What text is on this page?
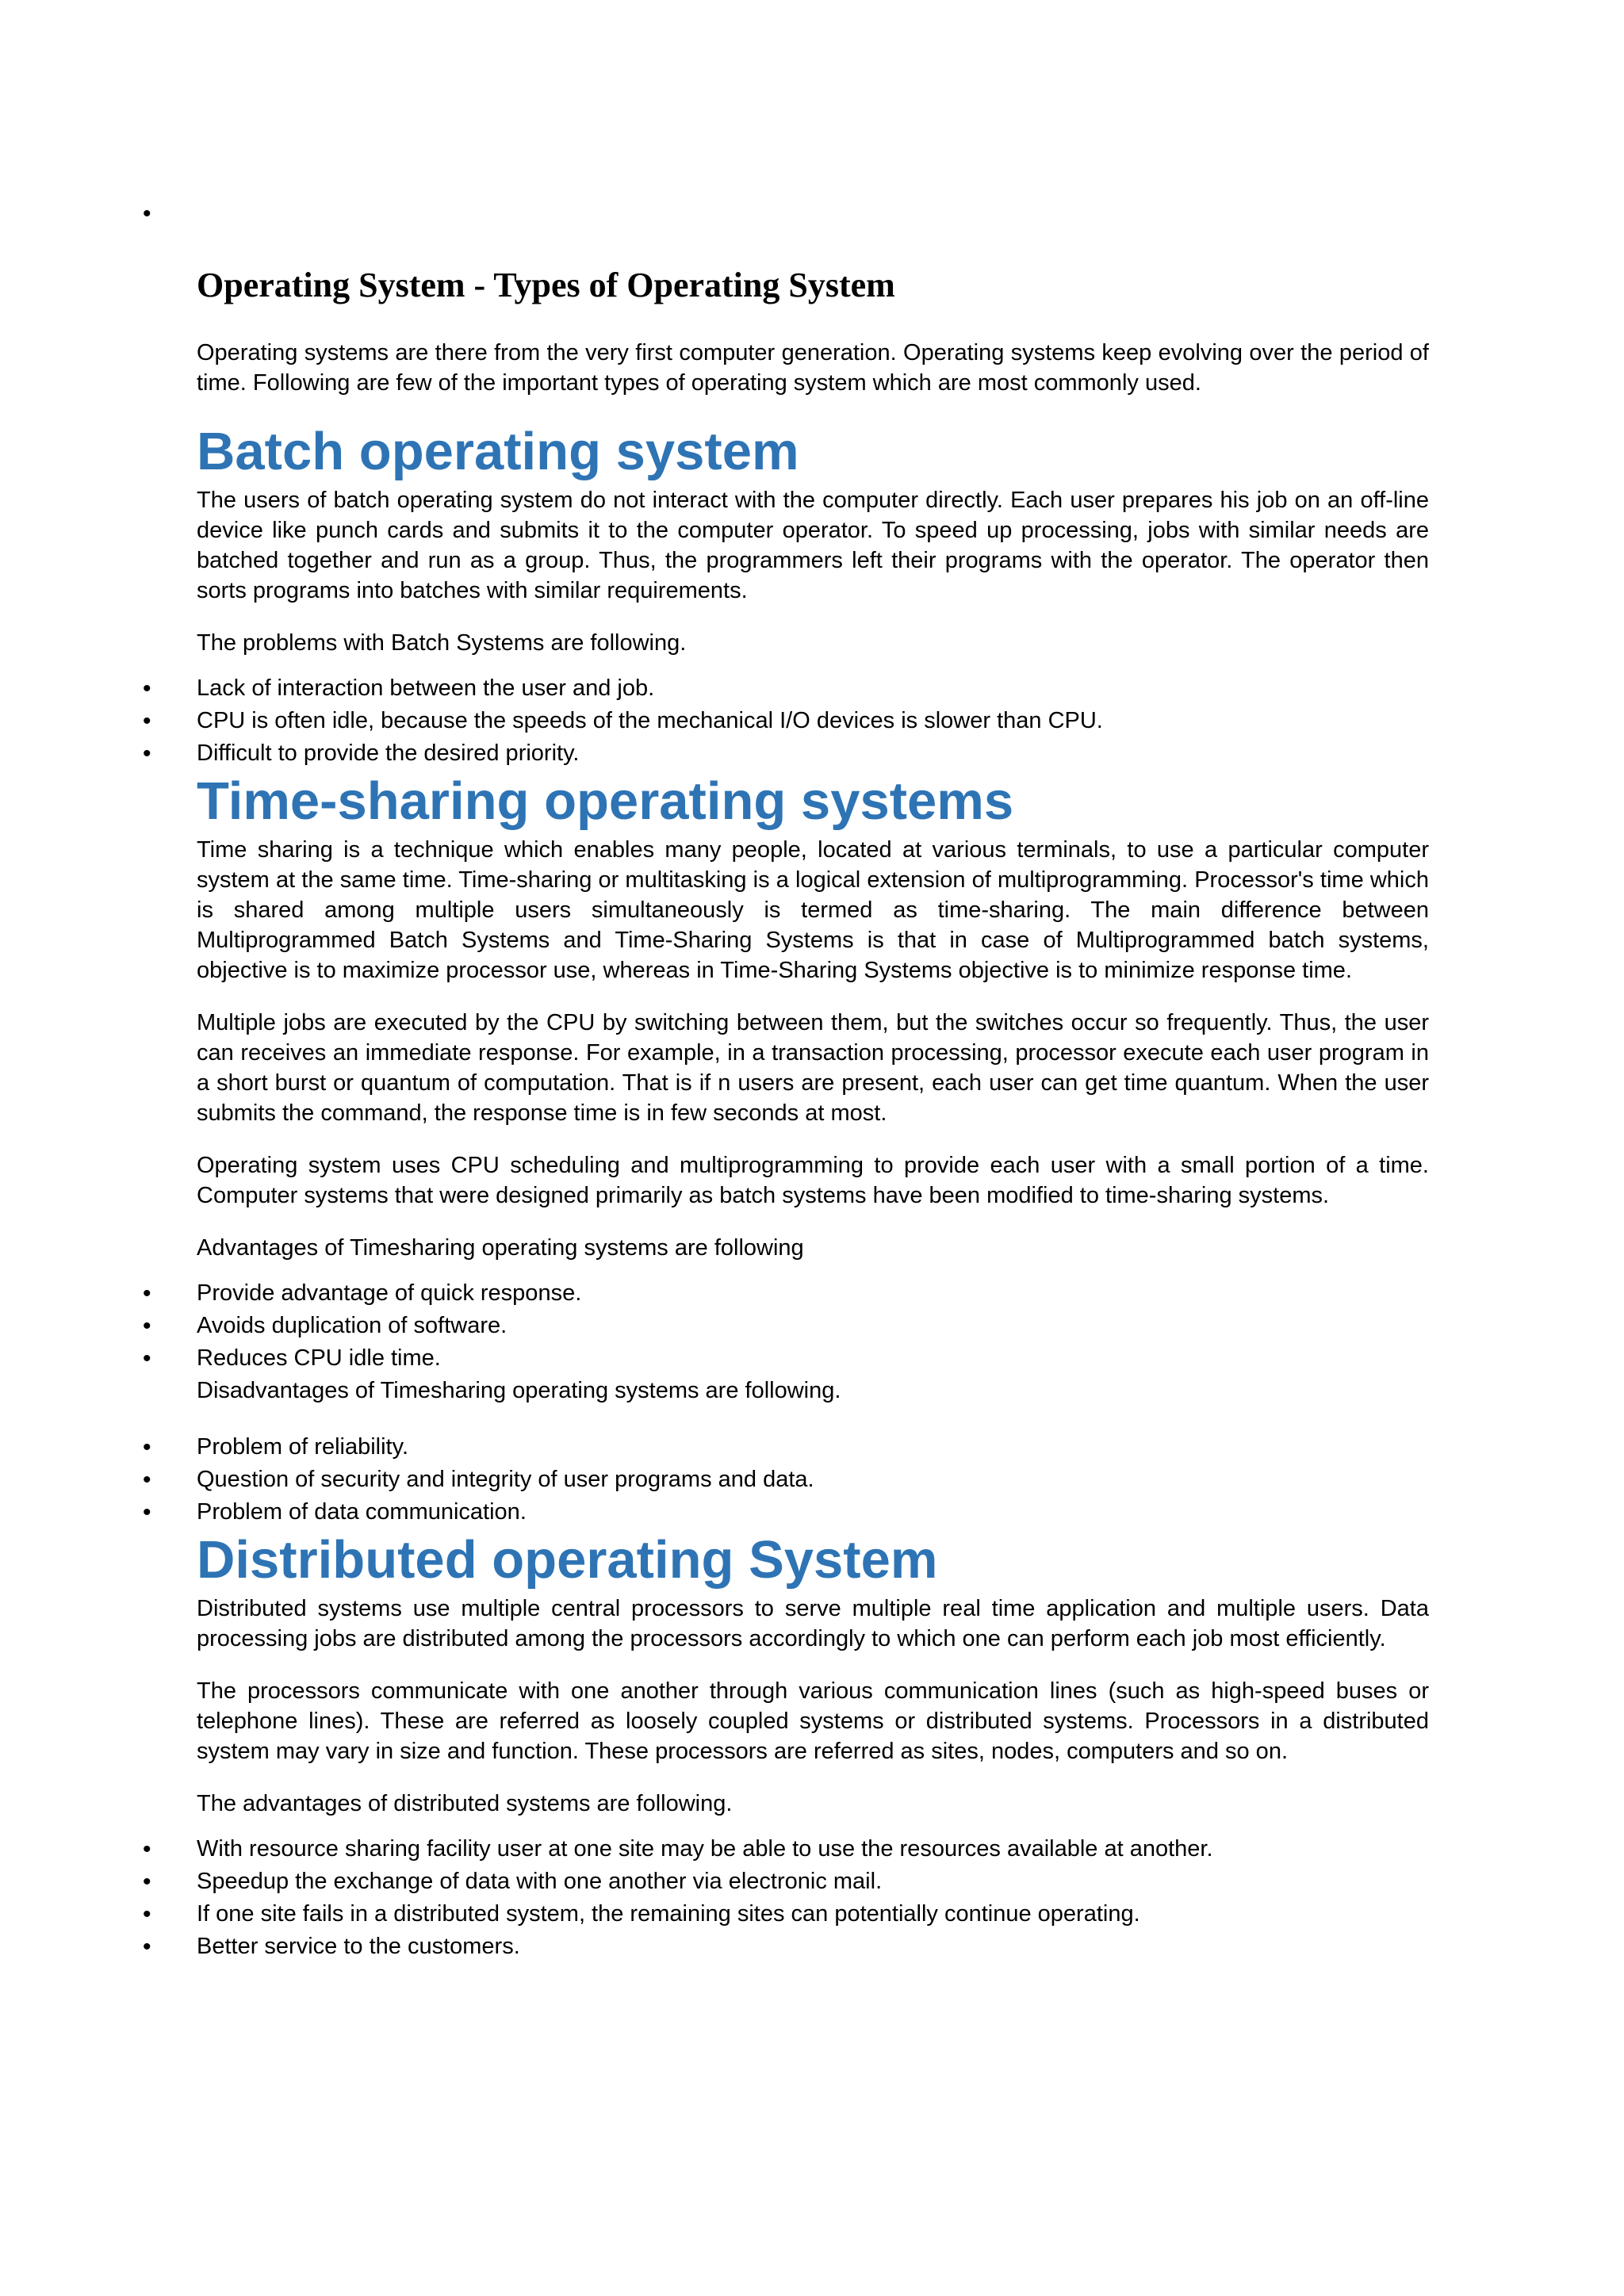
•
Operating System - Types of Operating System

Operating systems are there from the very first computer generation. Operating systems keep evolving over the period of time. Following are few of the important types of operating system which are most commonly used.

Batch operating system

The users of batch operating system do not interact with the computer directly. Each user prepares his job on an off-line device like punch cards and submits it to the computer operator. To speed up processing, jobs with similar needs are batched together and run as a group. Thus, the programmers left their programs with the operator. The operator then sorts programs into batches with similar requirements.

The problems with Batch Systems are following.

• Lack of interaction between the user and job.
• CPU is often idle, because the speeds of the mechanical I/O devices is slower than CPU.
• Difficult to provide the desired priority.
Time-sharing operating systems

Time sharing is a technique which enables many people, located at various terminals, to use a particular computer system at the same time. Time-sharing or multitasking is a logical extension of multiprogramming. Processor's time which is shared among multiple users simultaneously is termed as time-sharing. The main difference between Multiprogrammed Batch Systems and Time-Sharing Systems is that in case of Multiprogrammed batch systems, objective is to maximize processor use, whereas in Time-Sharing Systems objective is to minimize response time.

Multiple jobs are executed by the CPU by switching between them, but the switches occur so frequently. Thus, the user can receives an immediate response. For example, in a transaction processing, processor execute each user program in a short burst or quantum of computation. That is if n users are present, each user can get time quantum. When the user submits the command, the response time is in few seconds at most.

Operating system uses CPU scheduling and multiprogramming to provide each user with a small portion of a time. Computer systems that were designed primarily as batch systems have been modified to time-sharing systems.

Advantages of Timesharing operating systems are following

• Provide advantage of quick response.
• Avoids duplication of software.
• Reduces CPU idle time.
Disadvantages of Timesharing operating systems are following.
• Problem of reliability.
• Question of security and integrity of user programs and data.
• Problem of data communication.
Distributed operating System

Distributed systems use multiple central processors to serve multiple real time application and multiple users. Data processing jobs are distributed among the processors accordingly to which one can perform each job most efficiently.

The processors communicate with one another through various communication lines (such as high-speed buses or telephone lines). These are referred as loosely coupled systems or distributed systems. Processors in a distributed system may vary in size and function. These processors are referred as sites, nodes, computers and so on.

The advantages of distributed systems are following.

• With resource sharing facility user at one site may be able to use the resources available at another.
• Speedup the exchange of data with one another via electronic mail.
• If one site fails in a distributed system, the remaining sites can potentially continue operating.
• Better service to the customers.
